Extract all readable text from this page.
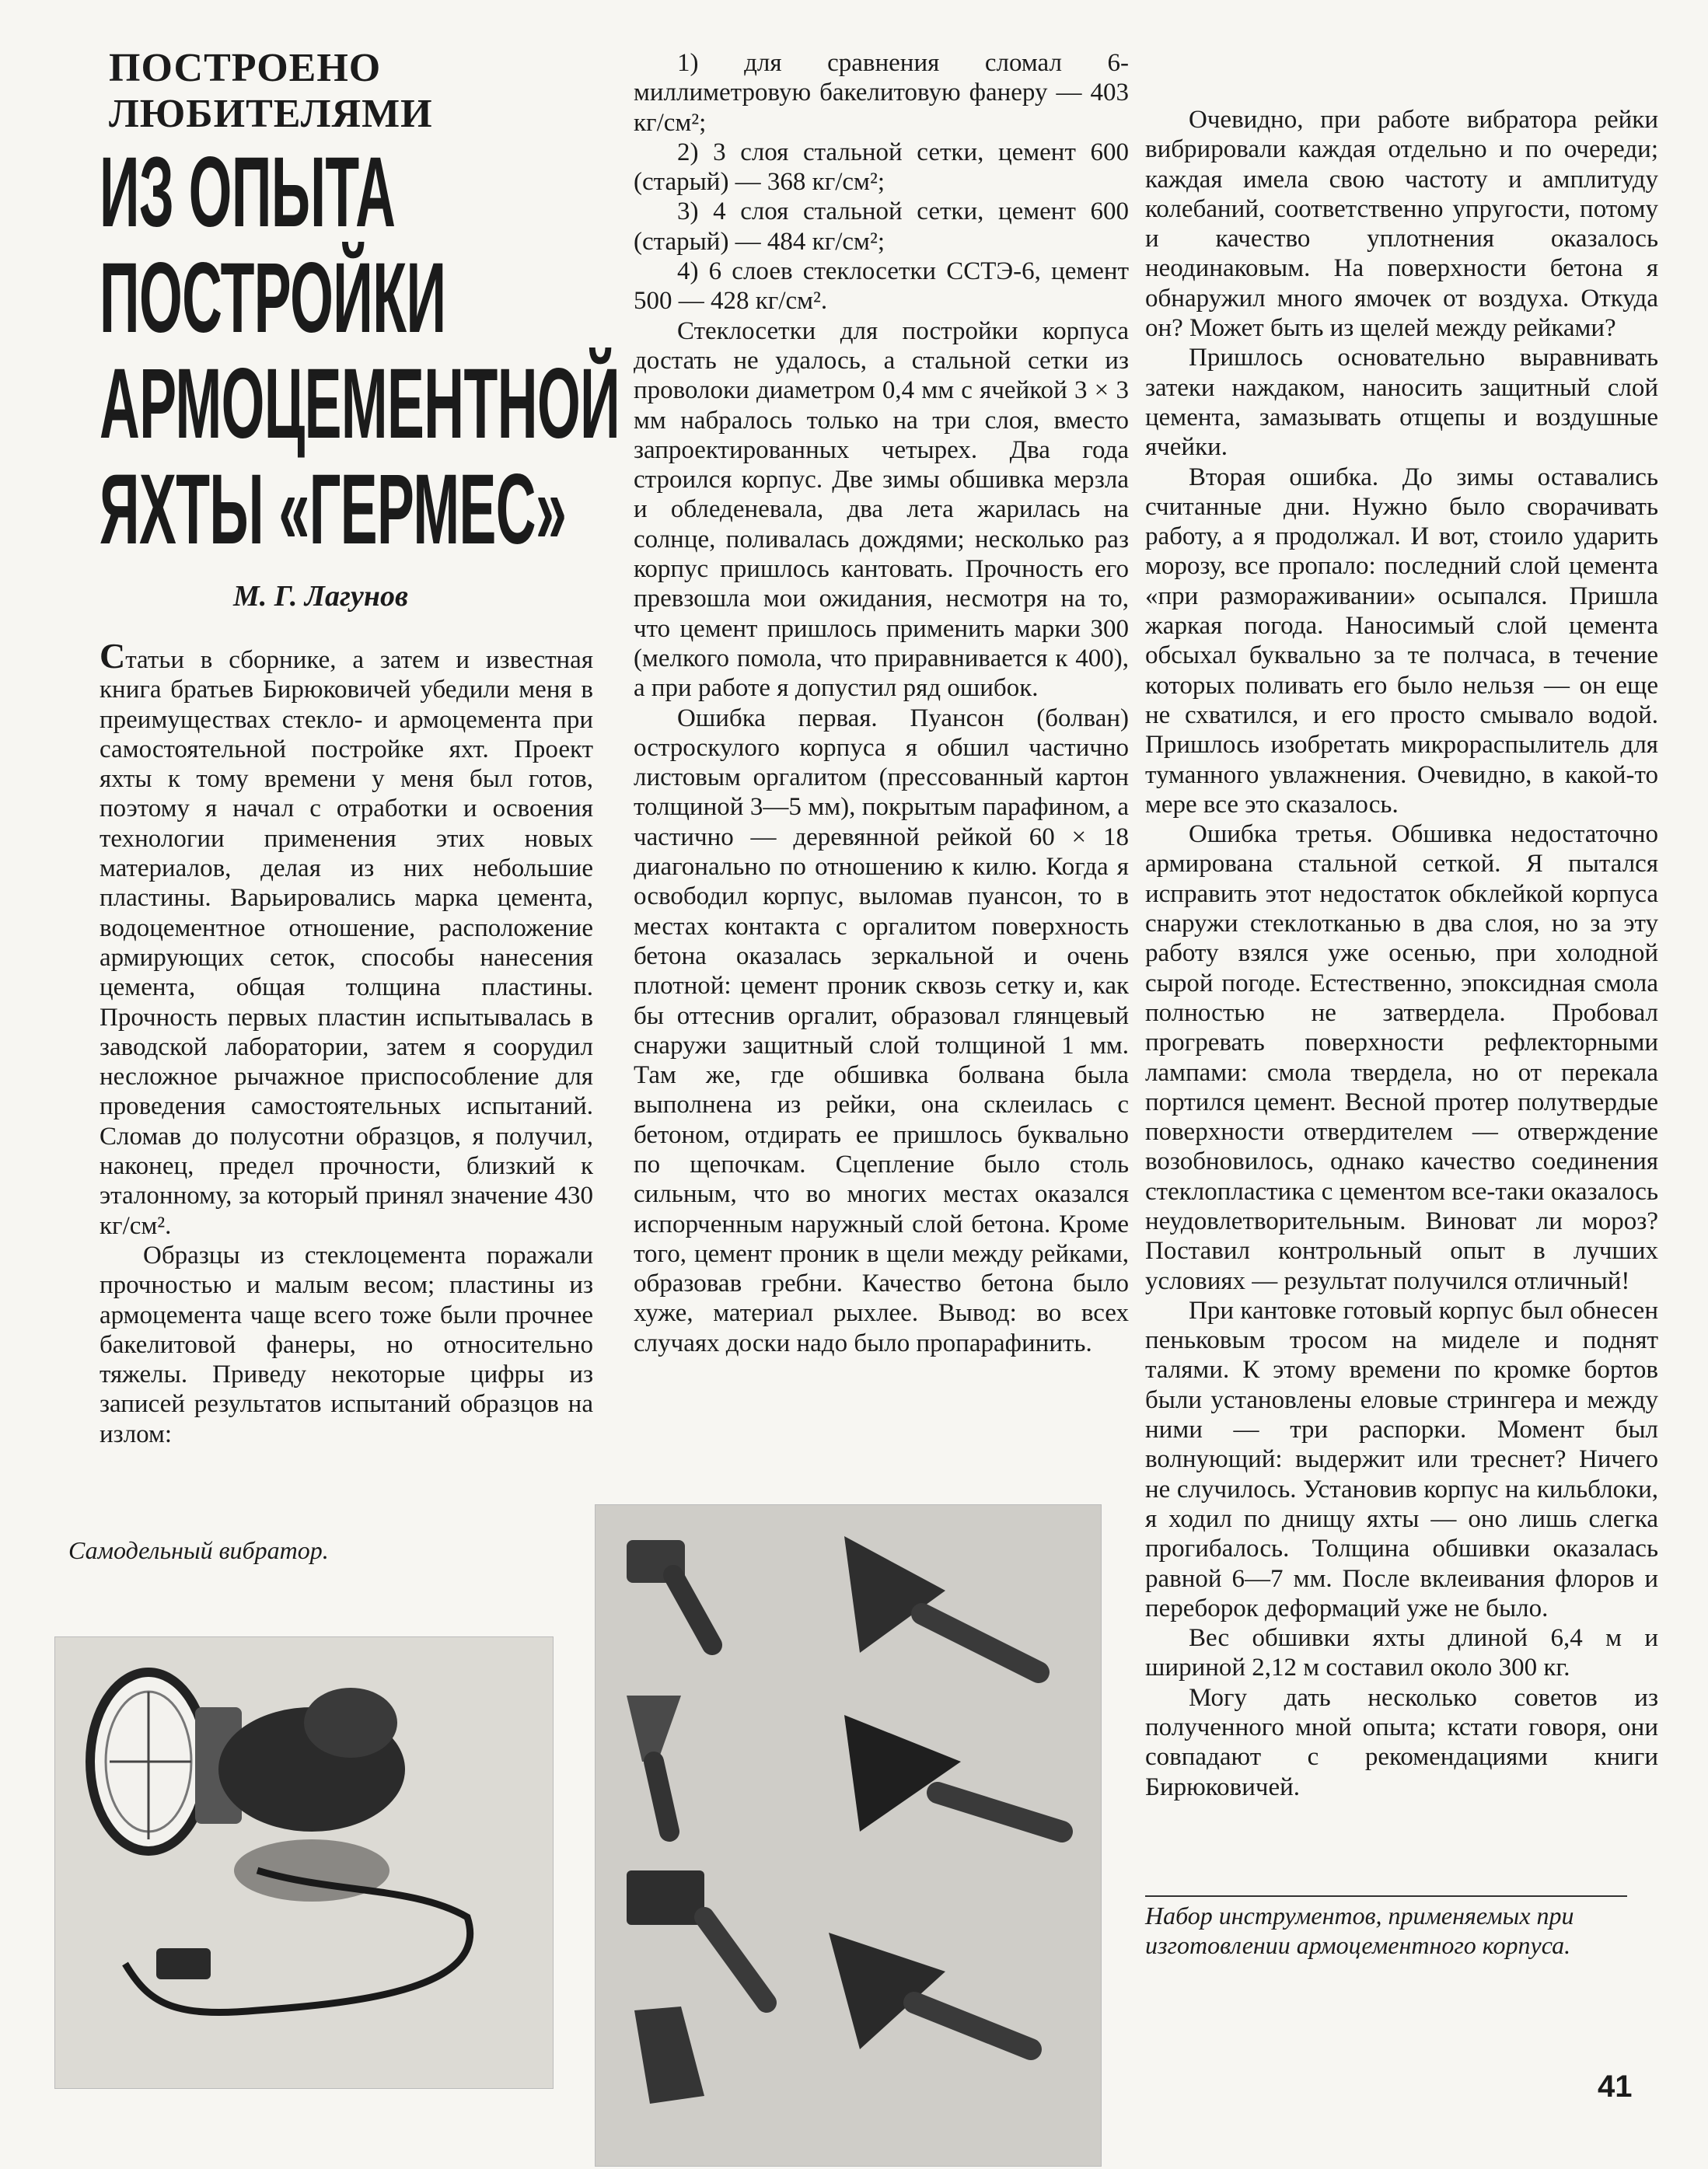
ПОСТРОЕНО ЛЮБИТЕЛЯМИ
ИЗ ОПЫТА
ПОСТРОЙКИ
АРМОЦЕМЕНТНОЙ
ЯХТЫ «ГЕРМЕС»
М. Г. Лагунов

Статьи в сборнике, а затем и известная книга братьев Бирюковичей убедили меня в преимуществах стекло- и армоцемента при самостоятельной постройке яхт. Проект яхты к тому времени у меня был готов, поэтому я начал с отработки и освоения технологии применения этих новых материалов, делая из них небольшие пластины. Варьировались марка цемента, водоцементное отношение, расположение армирующих сеток, способы нанесения цемента, общая толщина пластины. Прочность первых пластин испытывалась в заводской лаборатории, затем я соорудил несложное рычажное приспособление для проведения самостоятельных испытаний. Сломав до полусотни образцов, я получил, наконец, предел прочности, близкий к эталонному, за который принял значение 430 кг/см².

Образцы из стеклоцемента поражали прочностью и малым весом; пластины из армоцемента чаще всего тоже были прочнее бакелитовой фанеры, но относительно тяжелы. Приведу некоторые цифры из записей результатов испытаний образцов на излом:

1) для сравнения сломал 6-миллиметровую бакелитовую фанеру — 403 кг/см²;

2) 3 слоя стальной сетки, цемент 600 (старый) — 368 кг/см²;

3) 4 слоя стальной сетки, цемент 600 (старый) — 484 кг/см²;

4) 6 слоев стеклосетки ССТЭ-6, цемент 500 — 428 кг/см².

Стеклосетки для постройки корпуса достать не удалось, а стальной сетки из проволоки диаметром 0,4 мм с ячейкой 3 × 3 мм набралось только на три слоя, вместо запроектированных четырех. Два года строился корпус. Две зимы обшивка мерзла и обледеневала, два лета жарилась на солнце, поливалась дождями; несколько раз корпус пришлось кантовать. Прочность его превзошла мои ожидания, несмотря на то, что цемент пришлось применить марки 300 (мелкого помола, что приравнивается к 400), а при работе я допустил ряд ошибок.

Ошибка первая. Пуансон (болван) остроскулого корпуса я обшил частично листовым оргалитом (прессованный картон толщиной 3—5 мм), покрытым парафином, а частично — деревянной рейкой 60 × 18 диагонально по отношению к килю. Когда я освободил корпус, выломав пуансон, то в местах контакта с оргалитом поверхность бетона оказалась зеркальной и очень плотной: цемент проник сквозь сетку и, как бы оттеснив оргалит, образовал глянцевый снаружи защитный слой толщиной 1 мм. Там же, где обшивка болвана была выполнена из рейки, она склеилась с бетоном, отдирать ее пришлось буквально по щепочкам. Сцепление было столь сильным, что во многих местах оказался испорченным наружный слой бетона. Кроме того, цемент проник в щели между рейками, образовав гребни. Качество бетона было хуже, материал рыхлее. Вывод: во всех случаях доски надо было пропарафинить.

Очевидно, при работе вибратора рейки вибрировали каждая отдельно и по очереди; каждая имела свою частоту и амплитуду колебаний, соответственно упругости, потому и качество уплотнения оказалось неодинаковым. На поверхности бетона я обнаружил много ямочек от воздуха. Откуда он? Может быть из щелей между рейками?

Пришлось основательно выравнивать затеки наждаком, наносить защитный слой цемента, замазывать отщепы и воздушные ячейки.

Вторая ошибка. До зимы оставались считанные дни. Нужно было сворачивать работу, а я продолжал. И вот, стоило ударить морозу, все пропало: последний слой цемента «при размораживании» осыпался. Пришла жаркая погода. Наносимый слой цемента обсыхал буквально за те полчаса, в течение которых поливать его было нельзя — он еще не схватился, и его просто смывало водой. Пришлось изобретать микрораспылитель для туманного увлажнения. Очевидно, в какой-то мере все это сказалось.

Ошибка третья. Обшивка недостаточно армирована стальной сеткой. Я пытался исправить этот недостаток обклейкой корпуса снаружи стеклотканью в два слоя, но за эту работу взялся уже осенью, при холодной сырой погоде. Естественно, эпоксидная смола полностью не затвердела. Пробовал прогревать поверхности рефлекторными лампами: смола твердела, но от перекала портился цемент. Весной протер полутвердые поверхности отвердителем — отверждение возобновилось, однако качество соединения стеклопластика с цементом все-таки оказалось неудовлетворительным. Виноват ли мороз? Поставил контрольный опыт в лучших условиях — результат получился отличный!

При кантовке готовый корпус был обнесен пеньковым тросом на миделе и поднят талями. К этому времени по кромке бортов были установлены еловые стрингера и между ними — три распорки. Момент был волнующий: выдержит или треснет? Ничего не случилось. Установив корпус на кильблоки, я ходил по днищу яхты — оно лишь слегка прогибалось. Толщина обшивки оказалась равной 6—7 мм. После вклеивания флоров и переборок деформаций уже не было.

Вес обшивки яхты длиной 6,4 м и шириной 2,12 м составил около 300 кг.

Могу дать несколько советов из полученного мной опыта; кстати говоря, они совпадают с рекомендациями книги Бирюковичей.

Самодельный вибратор.
Набор инструментов, применяемых при изготовлении армоцементного корпуса.
41
